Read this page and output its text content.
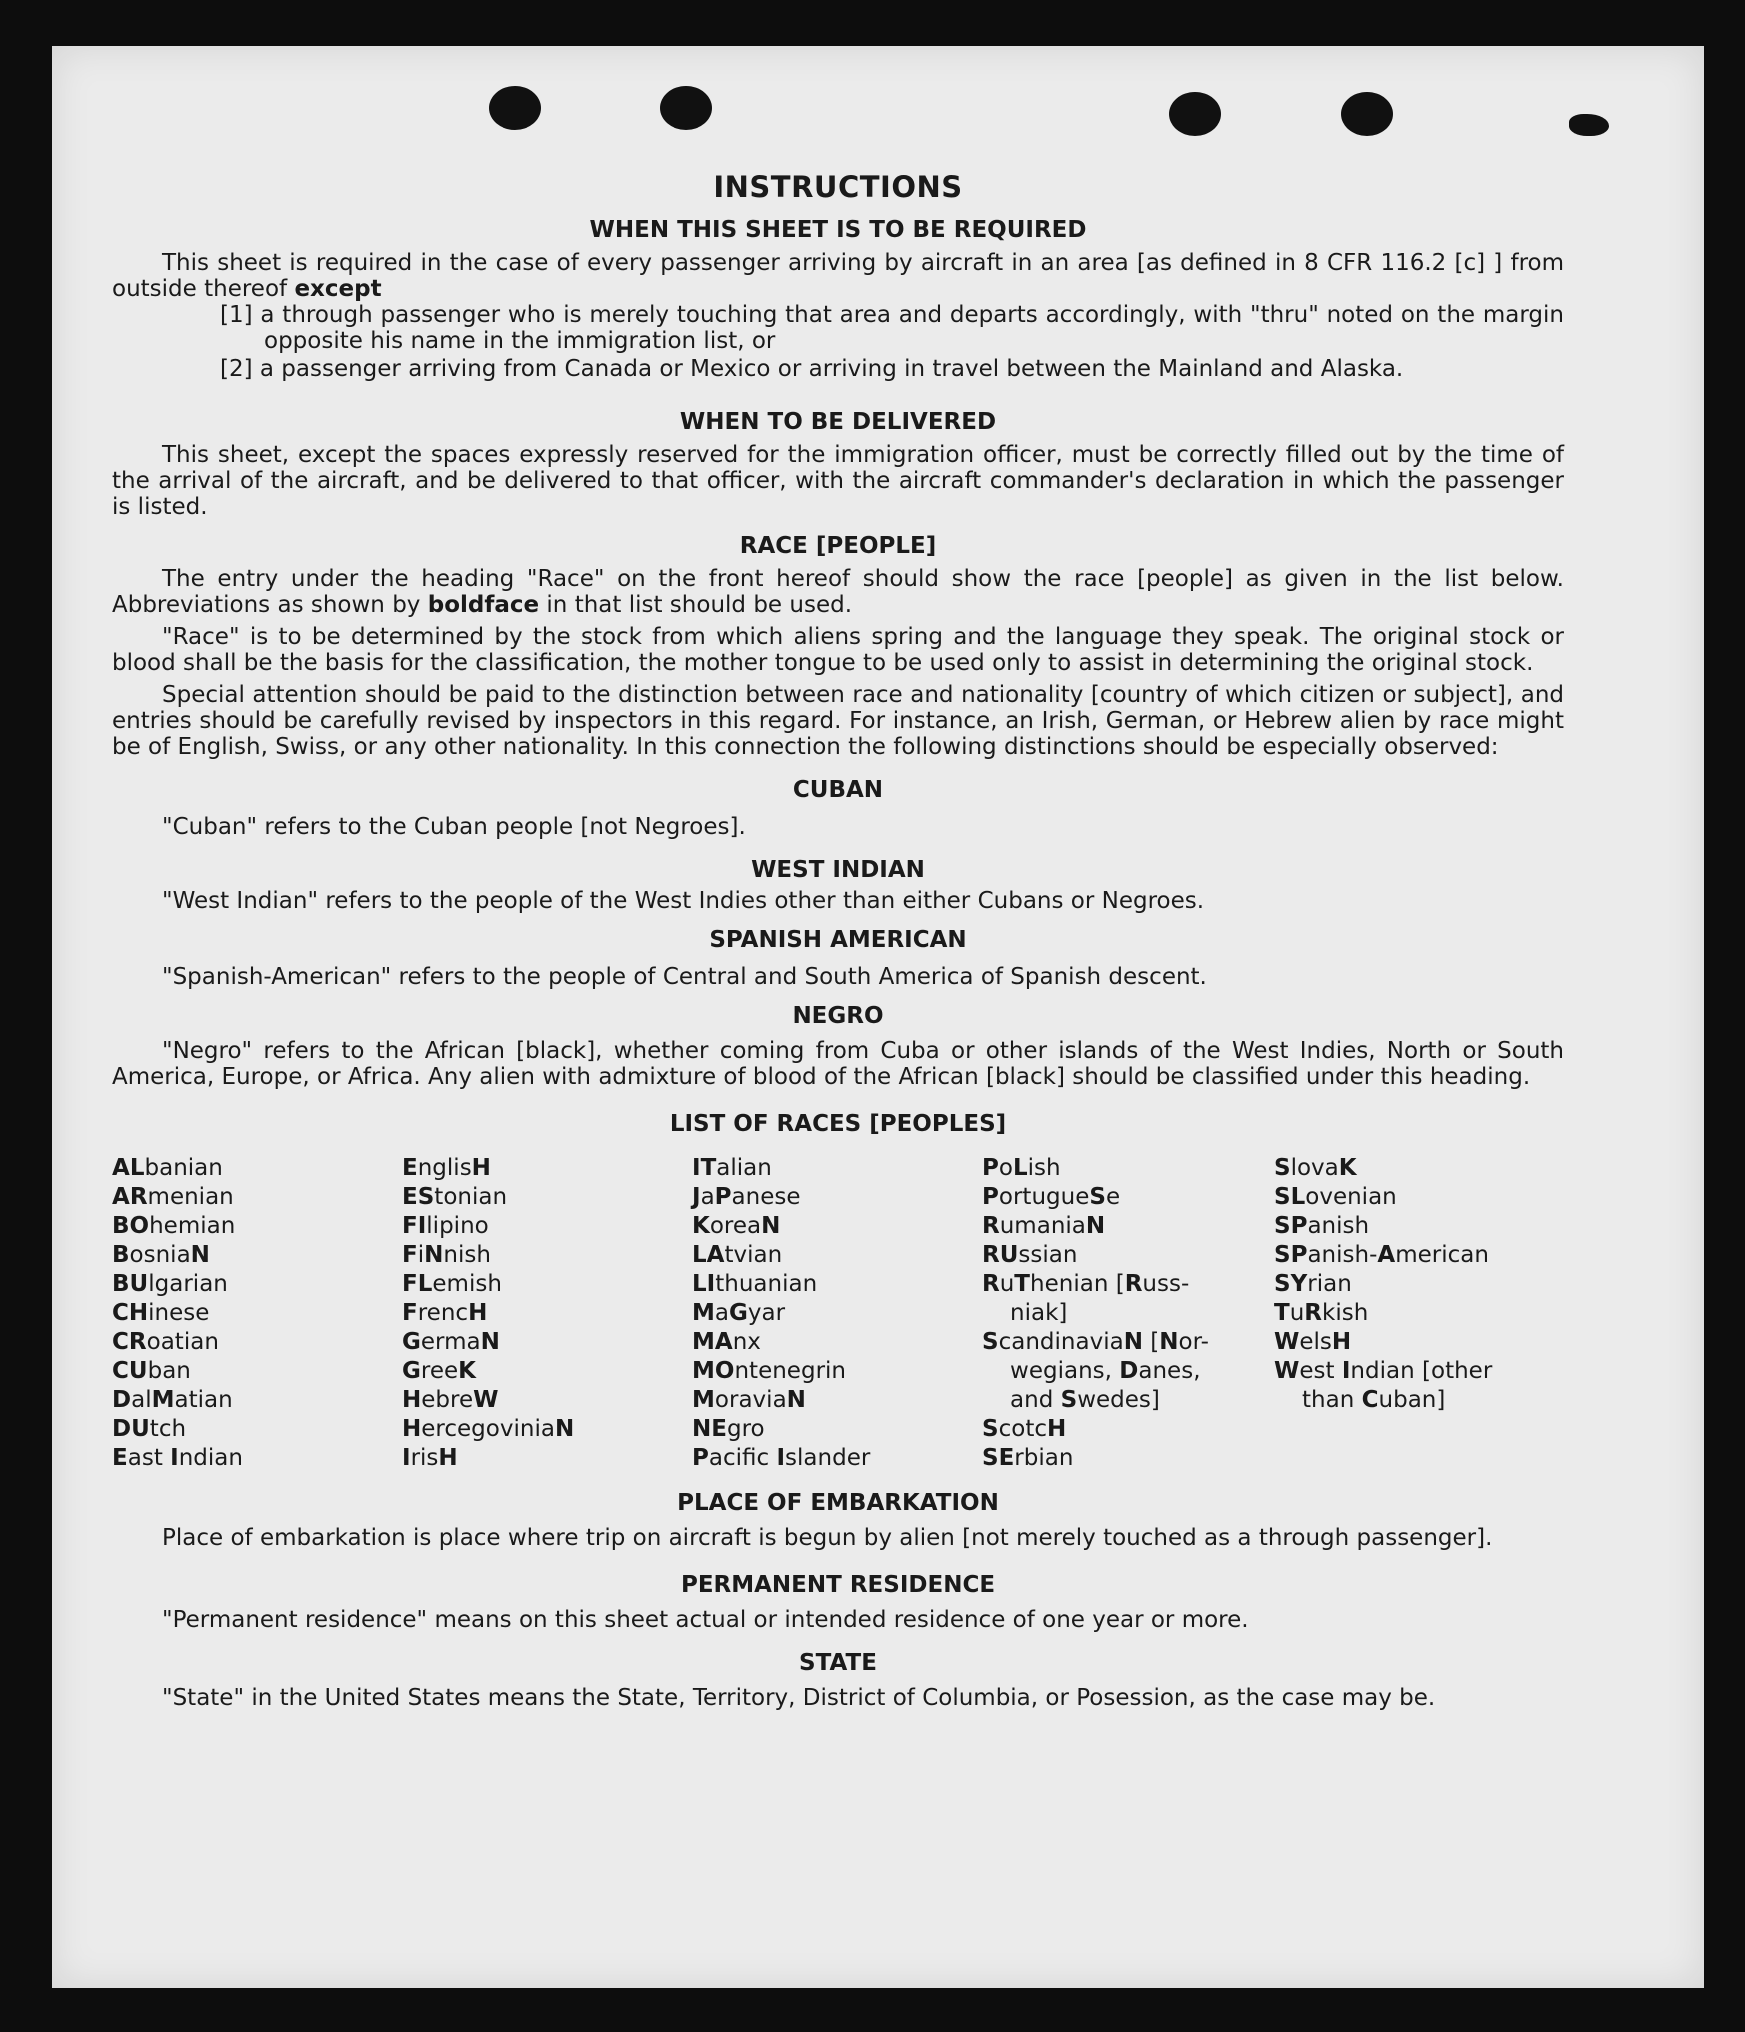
INSTRUCTIONS
WHEN THIS SHEET IS TO BE REQUIRED

This sheet is required in the case of every passenger arriving by aircraft in an area [as defined in 8 CFR 116.2 [c] ] from outside thereof except

[1] a through passenger who is merely touching that area and departs accordingly, with "thru" noted on the margin opposite his name in the immigration list, or

[2] a passenger arriving from Canada or Mexico or arriving in travel between the Mainland and Alaska.

WHEN TO BE DELIVERED

This sheet, except the spaces expressly reserved for the immigration officer, must be correctly filled out by the time of the arrival of the aircraft, and be delivered to that officer, with the aircraft commander's declaration in which the passenger is listed.

RACE [PEOPLE]

The entry under the heading "Race" on the front hereof should show the race [people] as given in the list below. Abbreviations as shown by boldface in that list should be used.

"Race" is to be determined by the stock from which aliens spring and the language they speak. The original stock or blood shall be the basis for the classification, the mother tongue to be used only to assist in determining the original stock.

Special attention should be paid to the distinction between race and nationality [country of which citizen or subject], and entries should be carefully revised by inspectors in this regard. For instance, an Irish, German, or Hebrew alien by race might be of English, Swiss, or any other nationality. In this connection the following distinctions should be especially observed:

CUBAN

"Cuban" refers to the Cuban people [not Negroes].

WEST INDIAN

"West Indian" refers to the people of the West Indies other than either Cubans or Negroes.

SPANISH AMERICAN

"Spanish-American" refers to the people of Central and South America of Spanish descent.

NEGRO

"Negro" refers to the African [black], whether coming from Cuba or other islands of the West Indies, North or South America, Europe, or Africa. Any alien with admixture of blood of the African [black] should be classified under this heading.

LIST OF RACES [PEOPLES]
ALbanian
ARmenian
BOhemian
BosniaN
BUlgarian
CHinese
CRoatian
CUban
DalMatian
DUtch
East Indian
EnglisH
EStonian
FIlipino
FiNnish
FLemish
FrencH
GermaN
GreeK
HebreW
HercegoviniaN
IrisH
ITalian
JaPanese
KoreaN
LAtvian
LIthuanian
MaGyar
MAnx
MOntenegrin
MoraviaN
NEgro
Pacifc Islander
PoLish
PortugueSe
RumaniaN
RUssian
RuThenian [Russ-
niak]
ScandinaviaN [Nor-
wegians, Danes,
and Swedes]
ScotcH
SErbian
SlovaK
SLovenian
SPanish
SPanish-American
SYrian
TuRkish
WelsH
West Indian [other
than Cuban]
PLACE OF EMBARKATION

Place of embarkation is place where trip on aircraft is begun by alien [not merely touched as a through passenger].

PERMANENT RESIDENCE

"Permanent residence" means on this sheet actual or intended residence of one year or more.

STATE

"State" in the United States means the State, Territory, District of Columbia, or Posession, as the case may be.
